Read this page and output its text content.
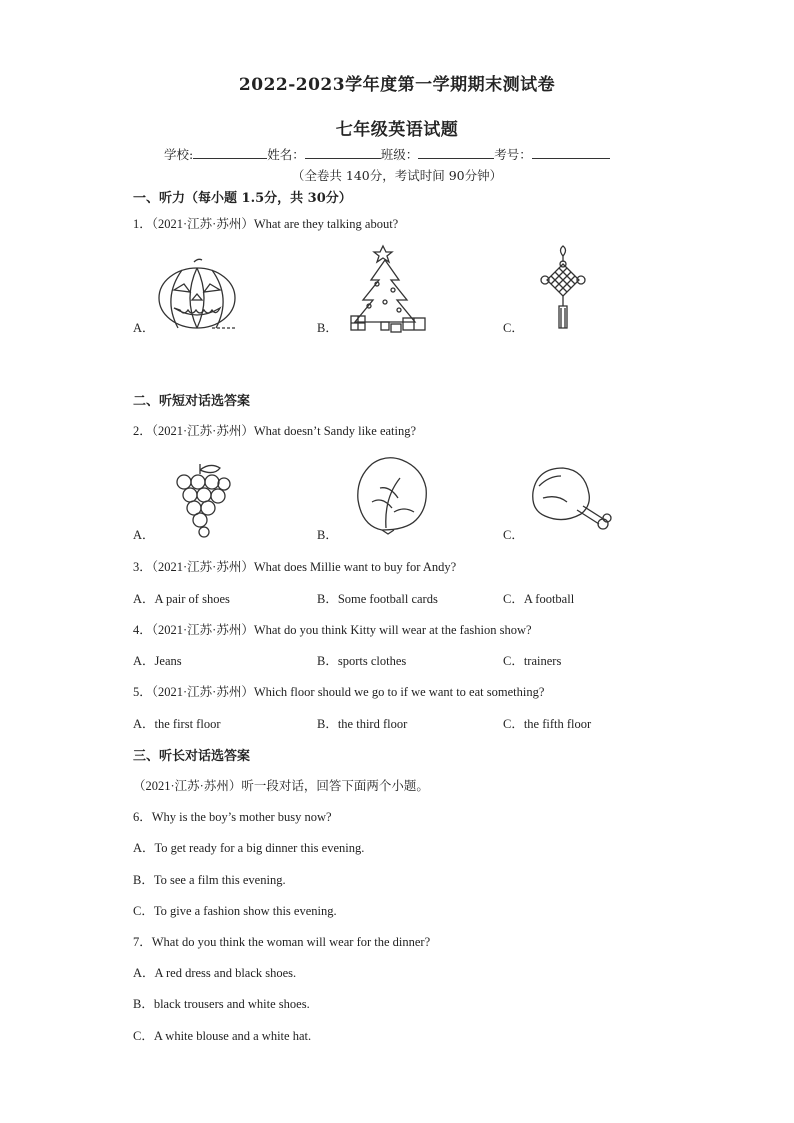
2022-2023学年度第一学期期末测试卷
七年级英语试题
学校:	姓名：	班级：	考号：
（全卷共 140分，考试时间 90分钟）
一、听力（每小题 1.5分，共 30分）
1．（2021·江苏·苏州）What are they talking about?
A．	B．	C．
二、听短对话选答案
2．（2021·江苏·苏州）What doesn’t Sandy like eating?
A．	B．	C．
3．（2021·江苏·苏州）What does Millie want to buy for Andy?
A．A pair of shoes	B．Some football cards	C．A football
4．（2021·江苏·苏州）What do you think Kitty will wear at the fashion show?
A．Jeans	B．sports clothes	C．trainers
5．（2021·江苏·苏州）Which floor should we go to if we want to eat something?
A．the first floor	B．the third floor	C．the fifth floor
三、听长对话选答案
（2021·江苏·苏州）听一段对话，回答下面两个小题。
6．Why is the boy’s mother busy now?
A．To get ready for a big dinner this evening.
B．To see a film this evening.
C．To give a fashion show this evening.
7．What do you think the woman will wear for the dinner?
A．A red dress and black shoes.
B．black trousers and white shoes.
C．A white blouse and a white hat.
